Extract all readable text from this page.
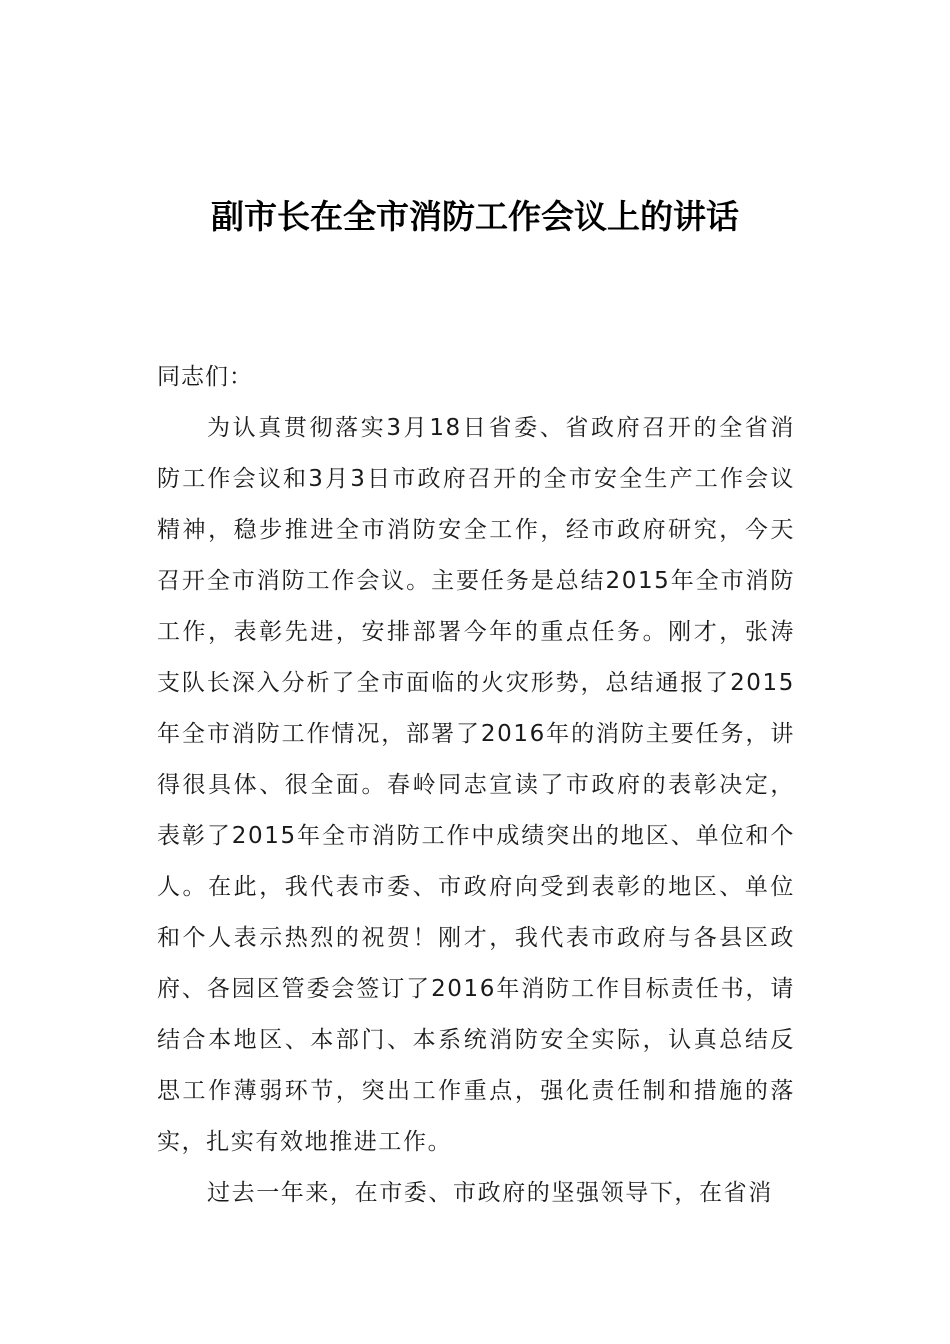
副市长在全市消防工作会议上的讲话

同志们：

为认真贯彻落实3月18日省委、省政府召开的全省消防工作会议和3月3日市政府召开的全市安全生产工作会议精神，稳步推进全市消防安全工作，经市政府研究，今天召开全市消防工作会议。主要任务是总结2015年全市消防工作，表彰先进，安排部署今年的重点任务。刚才，张涛支队长深入分析了全市面临的火灾形势，总结通报了2015年全市消防工作情况，部署了2016年的消防主要任务，讲得很具体、很全面。春岭同志宣读了市政府的表彰决定，表彰了2015年全市消防工作中成绩突出的地区、单位和个人。在此，我代表市委、市政府向受到表彰的地区、单位和个人表示热烈的祝贺！刚才，我代表市政府与各县区政府、各园区管委会签订了2016年消防工作目标责任书，请结合本地区、本部门、本系统消防安全实际，认真总结反思工作薄弱环节，突出工作重点，强化责任制和措施的落实，扎实有效地推进工作。

过去一年来，在市委、市政府的坚强领导下，在省消
